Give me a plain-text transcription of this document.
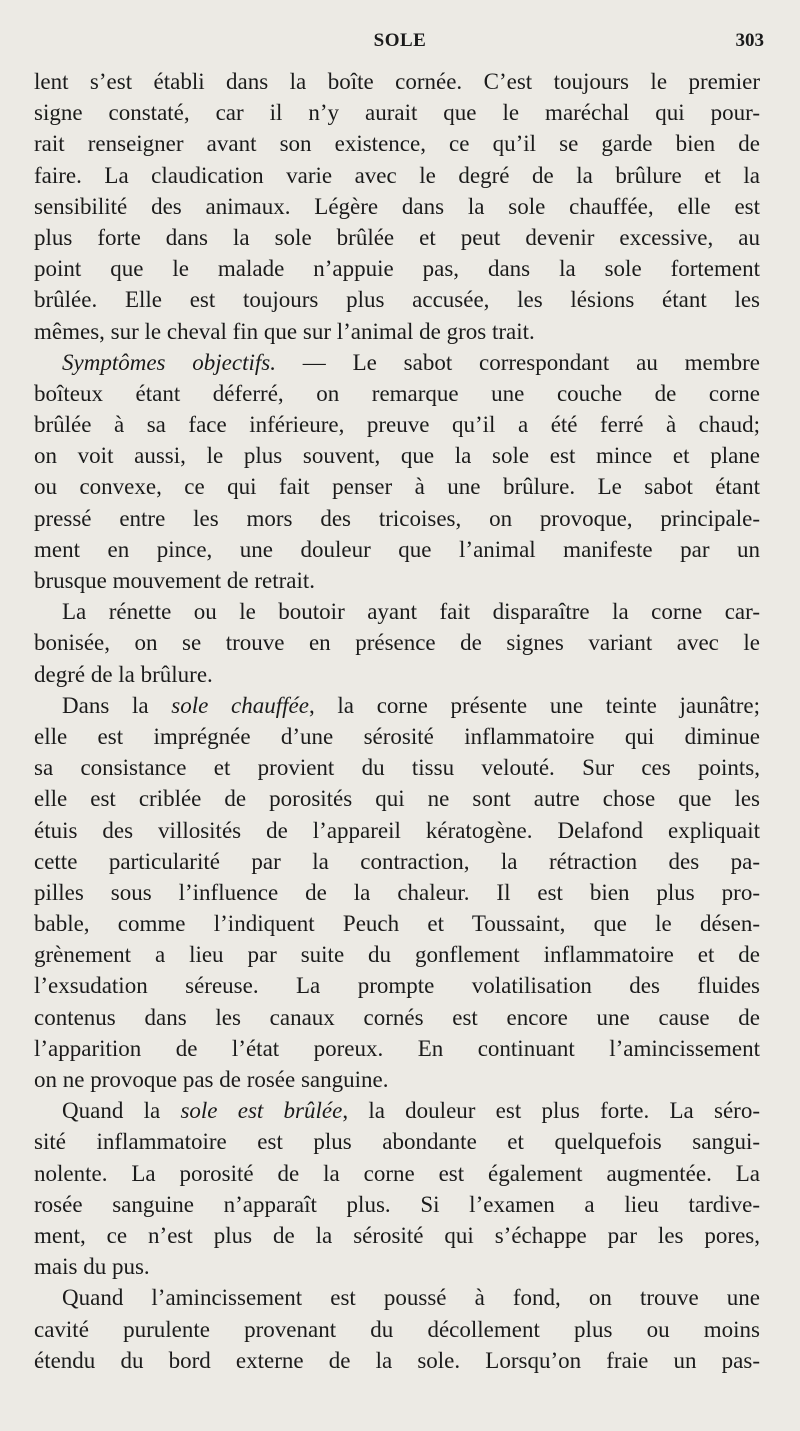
SOLE	303
lent s’est établi dans la boîte cornée. C’est toujours le premier
signe constaté, car il n’y aurait que le maréchal qui pour-
rait renseigner avant son existence, ce qu’il se garde bien de
faire. La claudication varie avec le degré de la brûlure et la
sensibilité des animaux. Légère dans la sole chauffée, elle est
plus forte dans la sole brûlée et peut devenir excessive, au
point que le malade n’appuie pas, dans la sole fortement
brûlée. Elle est toujours plus accusée, les lésions étant les
mêmes, sur le cheval fin que sur l’animal de gros trait.
Symptômes objectifs. — Le sabot correspondant au membre
boîteux étant déferré, on remarque une couche de corne
brûlée à sa face inférieure, preuve qu’il a été ferré à chaud;
on voit aussi, le plus souvent, que la sole est mince et plane
ou convexe, ce qui fait penser à une brûlure. Le sabot étant
pressé entre les mors des tricoises, on provoque, principale-
ment en pince, une douleur que l’animal manifeste par un
brusque mouvement de retrait.
La rénette ou le boutoir ayant fait disparaître la corne car-
bonisée, on se trouve en présence de signes variant avec le
degré de la brûlure.
Dans la sole chauffée, la corne présente une teinte jaunâtre;
elle est imprégnée d’une sérosité inflammatoire qui diminue
sa consistance et provient du tissu velouté. Sur ces points,
elle est criblée de porosités qui ne sont autre chose que les
étuis des villosités de l’appareil kératogène. Delafond expliquait
cette particularité par la contraction, la rétraction des pa-
pilles sous l’influence de la chaleur. Il est bien plus pro-
bable, comme l’indiquent Peuch et Toussaint, que le désen-
grènement a lieu par suite du gonflement inflammatoire et de
l’exsudation séreuse. La prompte volatilisation des fluides
contenus dans les canaux cornés est encore une cause de
l’apparition de l’état poreux. En continuant l’amincissement
on ne provoque pas de rosée sanguine.
Quand la sole est brûlée, la douleur est plus forte. La séro-
sité inflammatoire est plus abondante et quelquefois sangui-
nolente. La porosité de la corne est également augmentée. La
rosée sanguine n’apparaît plus. Si l’examen a lieu tardive-
ment, ce n’est plus de la sérosité qui s’échappe par les pores,
mais du pus.
Quand l’amincissement est poussé à fond, on trouve une
cavité purulente provenant du décollement plus ou moins
étendu du bord externe de la sole. Lorsqu’on fraie un pas-
